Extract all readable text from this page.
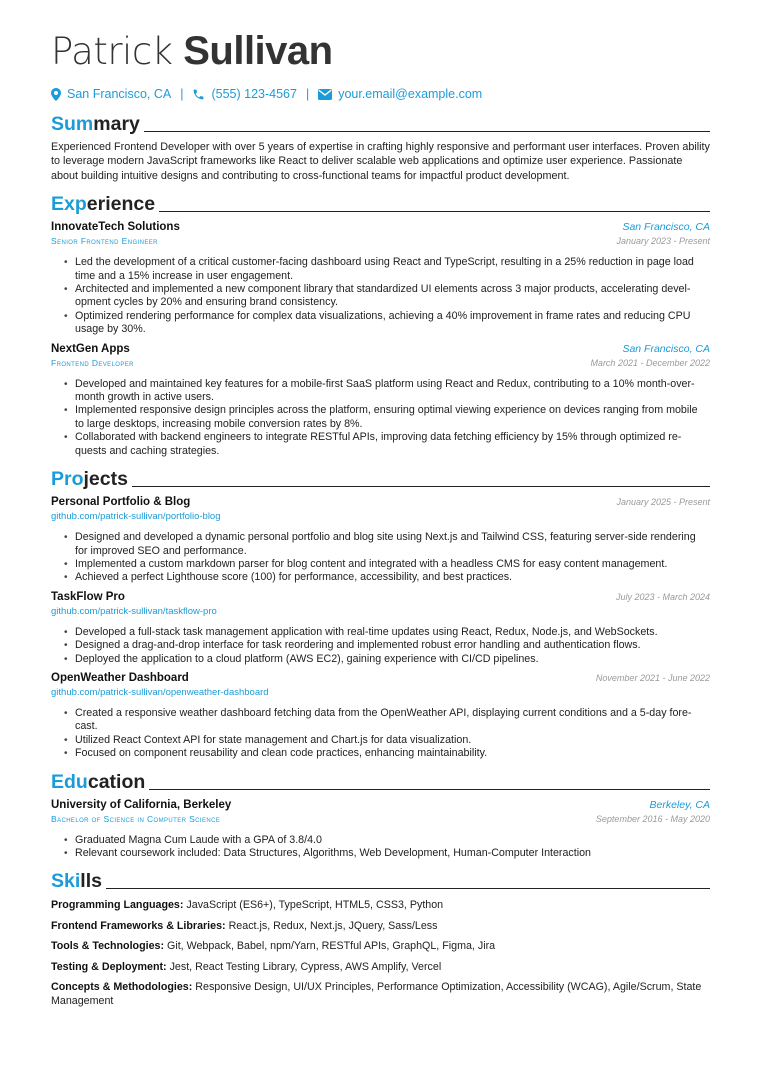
Patrick Sullivan
San Francisco, CA | (555) 123-4567 | your.email@example.com
Summary

Experienced Frontend Developer with over 5 years of expertise in crafting highly responsive and performant user interfaces. Proven ability to leverage modern JavaScript frameworks like React to deliver scalable web applications and optimize user experience. Passionate about building intuitive designs and contributing to cross-functional teams for impactful product development.

Experience
InnovateTech Solutions	San Francisco, CA
Senior Frontend Engineer	January 2023 - Present
• Led the development of a critical customer-facing dashboard using React and TypeScript, resulting in a 25% reduction in page load time and a 15% increase in user engagement.
• Architected and implemented a new component library that standardized UI elements across 3 major products, accelerating devel-opment cycles by 20% and ensuring brand consistency.
• Optimized rendering performance for complex data visualizations, achieving a 40% improvement in frame rates and reducing CPU usage by 30%.
NextGen Apps	San Francisco, CA
Frontend Developer	March 2021 - December 2022
• Developed and maintained key features for a mobile-first SaaS platform using React and Redux, contributing to a 10% month-over-month growth in active users.
• Implemented responsive design principles across the platform, ensuring optimal viewing experience on devices ranging from mobile to large desktops, increasing mobile conversion rates by 8%.
• Collaborated with backend engineers to integrate RESTful APIs, improving data fetching efficiency by 15% through optimized re-quests and caching strategies.
Projects
Personal Portfolio & Blog	January 2025 - Present
github.com/patrick-sullivan/portfolio-blog
• Designed and developed a dynamic personal portfolio and blog site using Next.js and Tailwind CSS, featuring server-side rendering for improved SEO and performance.
• Implemented a custom markdown parser for blog content and integrated with a headless CMS for easy content management.
• Achieved a perfect Lighthouse score (100) for performance, accessibility, and best practices.
TaskFlow Pro	July 2023 - March 2024
github.com/patrick-sullivan/taskflow-pro
• Developed a full-stack task management application with real-time updates using React, Redux, Node.js, and WebSockets.
• Designed a drag-and-drop interface for task reordering and implemented robust error handling and authentication flows.
• Deployed the application to a cloud platform (AWS EC2), gaining experience with CI/CD pipelines.
OpenWeather Dashboard	November 2021 - June 2022
github.com/patrick-sullivan/openweather-dashboard
• Created a responsive weather dashboard fetching data from the OpenWeather API, displaying current conditions and a 5-day fore-cast.
• Utilized React Context API for state management and Chart.js for data visualization.
• Focused on component reusability and clean code practices, enhancing maintainability.
Education
University of California, Berkeley	Berkeley, CA
Bachelor of Science in Computer Science	September 2016 - May 2020
• Graduated Magna Cum Laude with a GPA of 3.8/4.0
• Relevant coursework included: Data Structures, Algorithms, Web Development, Human-Computer Interaction
Skills
Programming Languages: JavaScript (ES6+), TypeScript, HTML5, CSS3, Python
Frontend Frameworks & Libraries: React.js, Redux, Next.js, JQuery, Sass/Less
Tools & Technologies: Git, Webpack, Babel, npm/Yarn, RESTful APIs, GraphQL, Figma, Jira
Testing & Deployment: Jest, React Testing Library, Cypress, AWS Amplify, Vercel
Concepts & Methodologies: Responsive Design, UI/UX Principles, Performance Optimization, Accessibility (WCAG), Agile/Scrum, State Management
